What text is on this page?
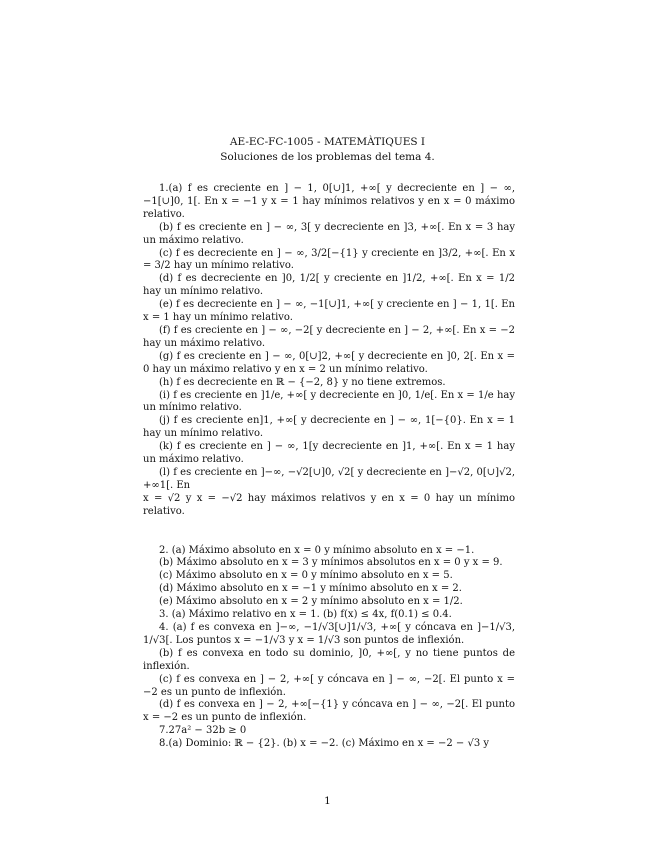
AE-EC-FC-1005 - MATEMÀTIQUES I
Soluciones de los problemas del tema 4.

1.(a) f es creciente en ] − 1, 0[∪]1, +∞[ y decreciente en ] − ∞, −1[∪]0, 1[. En x = −1 y x = 1 hay mínimos relativos y en x = 0 máximo relativo.

(b) f es creciente en ] − ∞, 3[ y decreciente en ]3, +∞[. En x = 3 hay un máximo relativo.

(c) f es decreciente en ] − ∞, 3/2[−{1} y creciente en ]3/2, +∞[. En x = 3/2 hay un mínimo relativo.

(d) f es decreciente en ]0, 1/2[ y creciente en ]1/2, +∞[. En x = 1/2 hay un mínimo relativo.

(e) f es decreciente en ] − ∞, −1[∪]1, +∞[ y creciente en ] − 1, 1[. En x = 1 hay un mínimo relativo.

(f) f es creciente en ] − ∞, −2[ y decreciente en ] − 2, +∞[. En x = −2 hay un máximo relativo.

(g) f es creciente en ] − ∞, 0[∪]2, +∞[ y decreciente en ]0, 2[. En x = 0 hay un máximo relativo y en x = 2 un mínimo relativo.

(h) f es decreciente en ℝ − {−2, 8} y no tiene extremos.

(i) f es creciente en ]1/e, +∞[ y decreciente en ]0, 1/e[. En x = 1/e hay un mínimo relativo.

(j) f es creciente en]1, +∞[ y decreciente en ] − ∞, 1[−{0}. En x = 1 hay un mínimo relativo.

(k) f es creciente en ] − ∞, 1[y decreciente en ]1, +∞[. En x = 1 hay un máximo relativo.

(l) f es creciente en ]−∞, −√2[∪]0, √2[ y decreciente en ]−√2, 0[∪]√2, +∞1[. En

x = √2 y x = −√2 hay máximos relativos y en x = 0 hay un mínimo relativo.

2. (a) Máximo absoluto en x = 0 y mínimo absoluto en x = −1.

(b) Máximo absoluto en x = 3 y mínimos absolutos en x = 0 y x = 9.

(c) Máximo absoluto en x = 0 y mínimo absoluto en x = 5.

(d) Máximo absoluto en x = −1 y mínimo absoluto en x = 2.

(e) Máximo absoluto en x = 2 y mínimo absoluto en x = 1/2.

3. (a) Máximo relativo en x = 1. (b) f(x) ≤ 4x, f(0.1) ≤ 0.4.

4. (a) f es convexa en ]−∞, −1/√3[∪]1/√3, +∞[ y cóncava en ]−1/√3, 1/√3[. Los puntos x = −1/√3 y x = 1/√3 son puntos de inflexión.

(b) f es convexa en todo su dominio, ]0, +∞[, y no tiene puntos de inflexión.

(c) f es convexa en ] − 2, +∞[ y cóncava en ] − ∞, −2[. El punto x = −2 es un punto de inflexión.

(d) f es convexa en ] − 2, +∞[−{1} y cóncava en ] − ∞, −2[. El punto x = −2 es un punto de inflexión.

7.27a² − 32b ≥ 0

8.(a) Dominio: ℝ − {2}. (b) x = −2. (c) Máximo en x = −2 − √3 y

1
